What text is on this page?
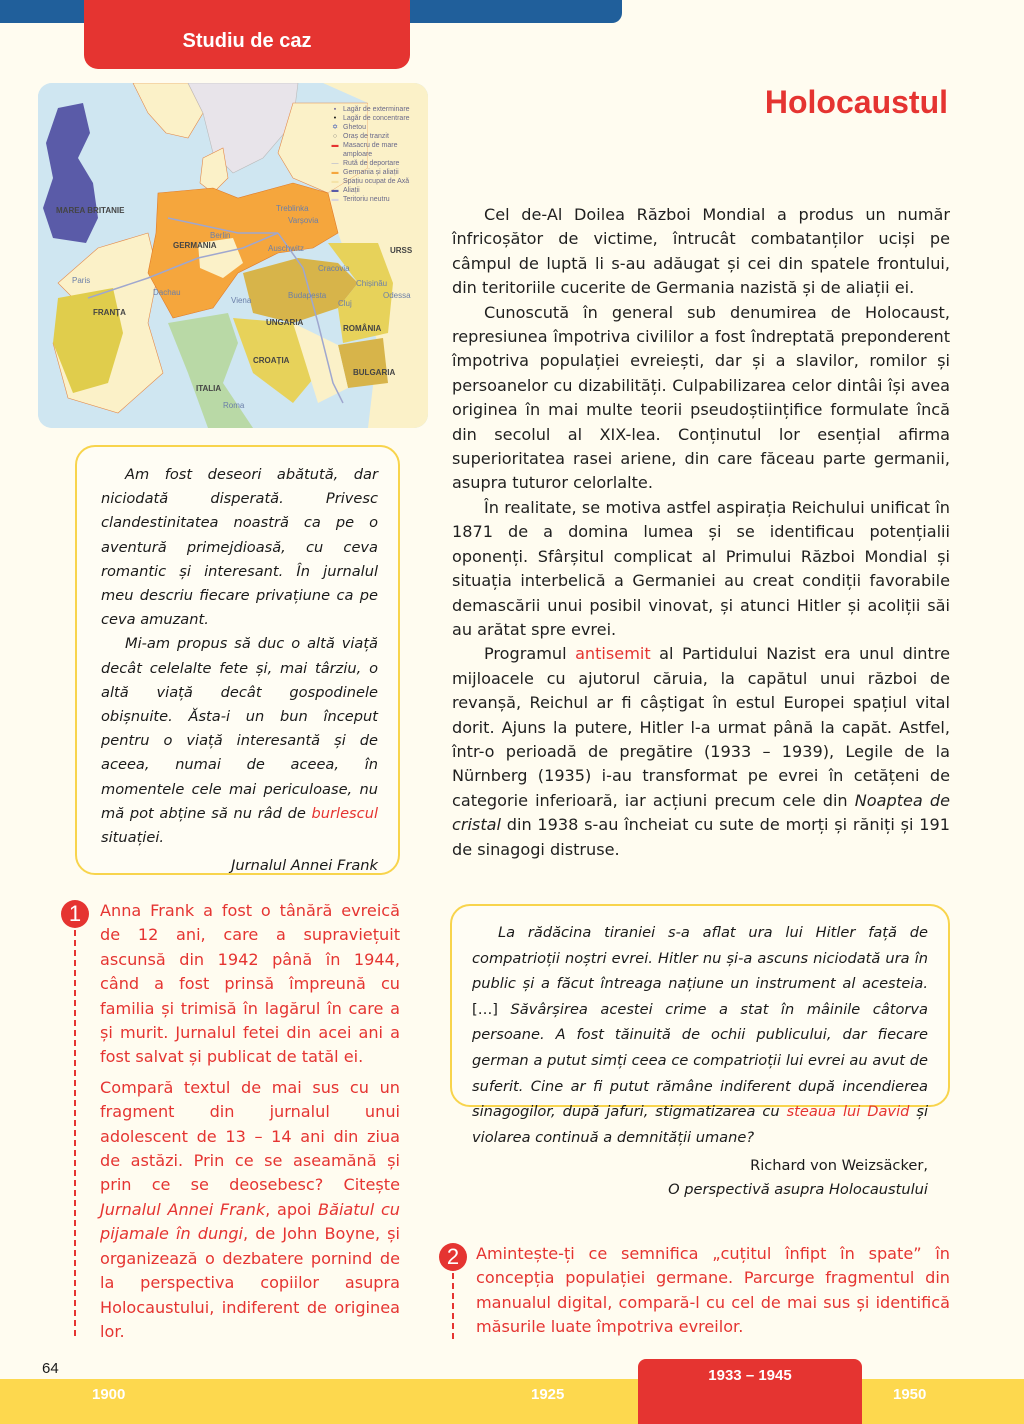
Studiu de caz
MAREA BRITANIE
GERMANIA
FRANȚA
UNGARIA
ROMÂNIA
CROAȚIA
BULGARIA
ITALIA
URSS
Berlin
Treblinka
Varșovia
Auschwitz
Cracovia
Paris
Dachau
Viena
Budapesta
Cluj
Chișinău
Odessa
Roma
▪ Lagăr de exterminare
• Lagăr de concentrare
✡ Ghetou
○ Oraș de tranzit
▬ Masacru de mare amploare
— Rută de deportare
▬ Germania și aliații
▬ Spațiu ocupat de Axă
▬ Aliații
▬ Teritoriu neutru
Holocaustul

Cel de-Al Doilea Război Mondial a produs un număr înfricoșător de victime, întrucât combatanților uciși pe câmpul de luptă li s-au adăugat și cei din spatele frontului, din teritoriile cucerite de Germania nazistă și de aliații ei.

Cunoscută în general sub denumirea de Holocaust, represiunea împotriva civililor a fost îndreptată preponderent împotriva populației evreiești, dar și a slavilor, romilor și persoanelor cu dizabilități. Culpabilizarea celor dintâi își avea originea în mai multe teorii pseudoștiințifice formulate încă din secolul al XIX-lea. Conținutul lor esențial afirma superioritatea rasei ariene, din care făceau parte germanii, asupra tuturor celorlalte.

În realitate, se motiva astfel aspirația Reichului unificat în 1871 de a domina lumea și se identificau potențialii oponenți. Sfârșitul complicat al Primului Război Mondial și situația interbelică a Germaniei au creat condiții favorabile demascării unui posibil vinovat, și atunci Hitler și acoliții săi au arătat spre evrei.

Programul antisemit al Partidului Nazist era unul dintre mijloacele cu ajutorul căruia, la capătul unui război de revanșă, Reichul ar fi câștigat în estul Europei spațiul vital dorit. Ajuns la putere, Hitler l-a urmat până la capăt. Astfel, într-o perioadă de pregătire (1933 – 1939), Legile de la Nürnberg (1935) i-au transformat pe evrei în cetățeni de categorie inferioară, iar acțiuni precum cele din Noaptea de cristal din 1938 s-au încheiat cu sute de morți și răniți și 191 de sinagogi distruse.

Am fost deseori abătută, dar niciodată disperată. Privesc clandestinitatea noastră ca pe o aventură primejdioasă, cu ceva romantic și interesant. În jurnalul meu descriu fiecare privațiune ca pe ceva amuzant.

Mi-am propus să duc o altă viață decât celelalte fete și, mai târziu, o altă viață decât gospodinele obișnuite. Ăsta-i un bun început pentru o viață interesantă și de aceea, numai de aceea, în momentele cele mai periculoase, nu mă pot abține să nu râd de burlescul situației.

Jurnalul Annei Frank
1	Anna Frank a fost o tânără evreică de 12 ani, care a supraviețuit ascunsă din 1942 până în 1944, când a fost prinsă împreună cu familia și trimisă în lagărul în care a și murit. Jurnalul fetei din acei ani a fost salvat și publicat de tatăl ei.

Compară textul de mai sus cu un fragment din jurnalul unui adolescent de 13 – 14 ani din ziua de astăzi. Prin ce se aseamănă și prin ce se deosebesc? Citește Jurnalul Annei Frank, apoi Băiatul cu pijamale în dungi, de John Boyne, și organizează o dezbatere pornind de la perspectiva copiilor asupra Holocaustului, indiferent de originea lor.

La rădăcina tiraniei s-a aflat ura lui Hitler față de compatrioții noștri evrei. Hitler nu și-a ascuns niciodată ura în public și a făcut întreaga națiune un instrument al acesteia. […] Săvârșirea acestei crime a stat în mâinile câtorva persoane. A fost tăinuită de ochii publicului, dar fiecare german a putut simți ceea ce compatrioții lui evrei au avut de suferit. Cine ar fi putut rămâne indiferent după incendierea sinagogilor, după jafuri, stigmatizarea cu steaua lui David și violarea continuă a demnității umane?

Richard von Weizsäcker,
O perspectivă asupra Holocaustului
2	Amintește-ți ce semnifica „cuțitul înfipt în spate” în concepția populației germane. Parcurge fragmentul din manualul digital, compară-l cu cel de mai sus și identifică măsurile luate împotriva evreilor.

64
1900	1925
1933 – 1945
1950
